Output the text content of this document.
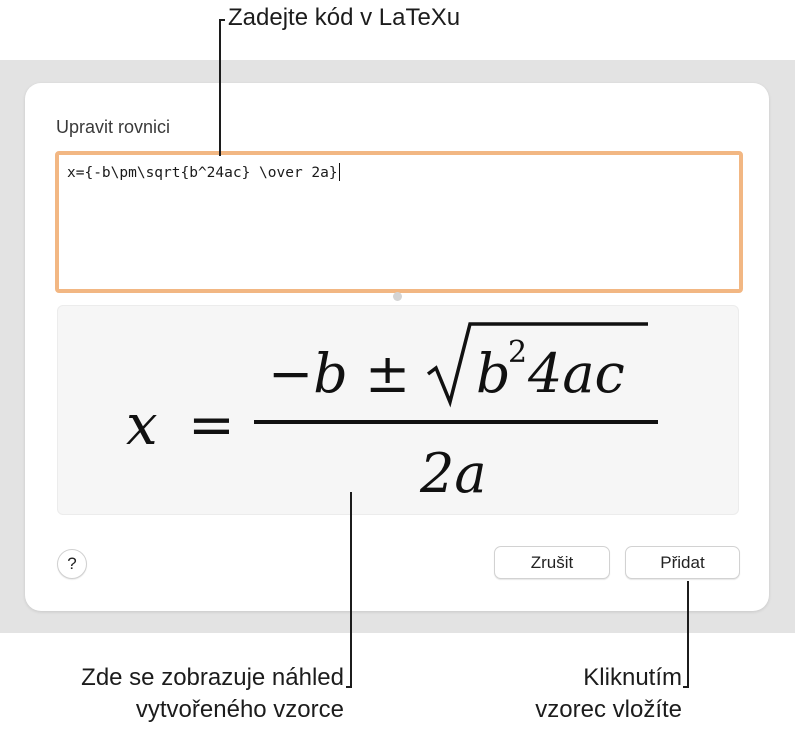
Upravit rovnici
x={-b\pm\sqrt{b^24ac} \over 2a}
x
−b ± b
2 4ac
2a
=
?	Zrušit	Přidat
Zadejte kód v LaTeXu
Zde se zobrazuje náhled
vytvořeného vzorce
Kliknutím
vzorec vložíte
